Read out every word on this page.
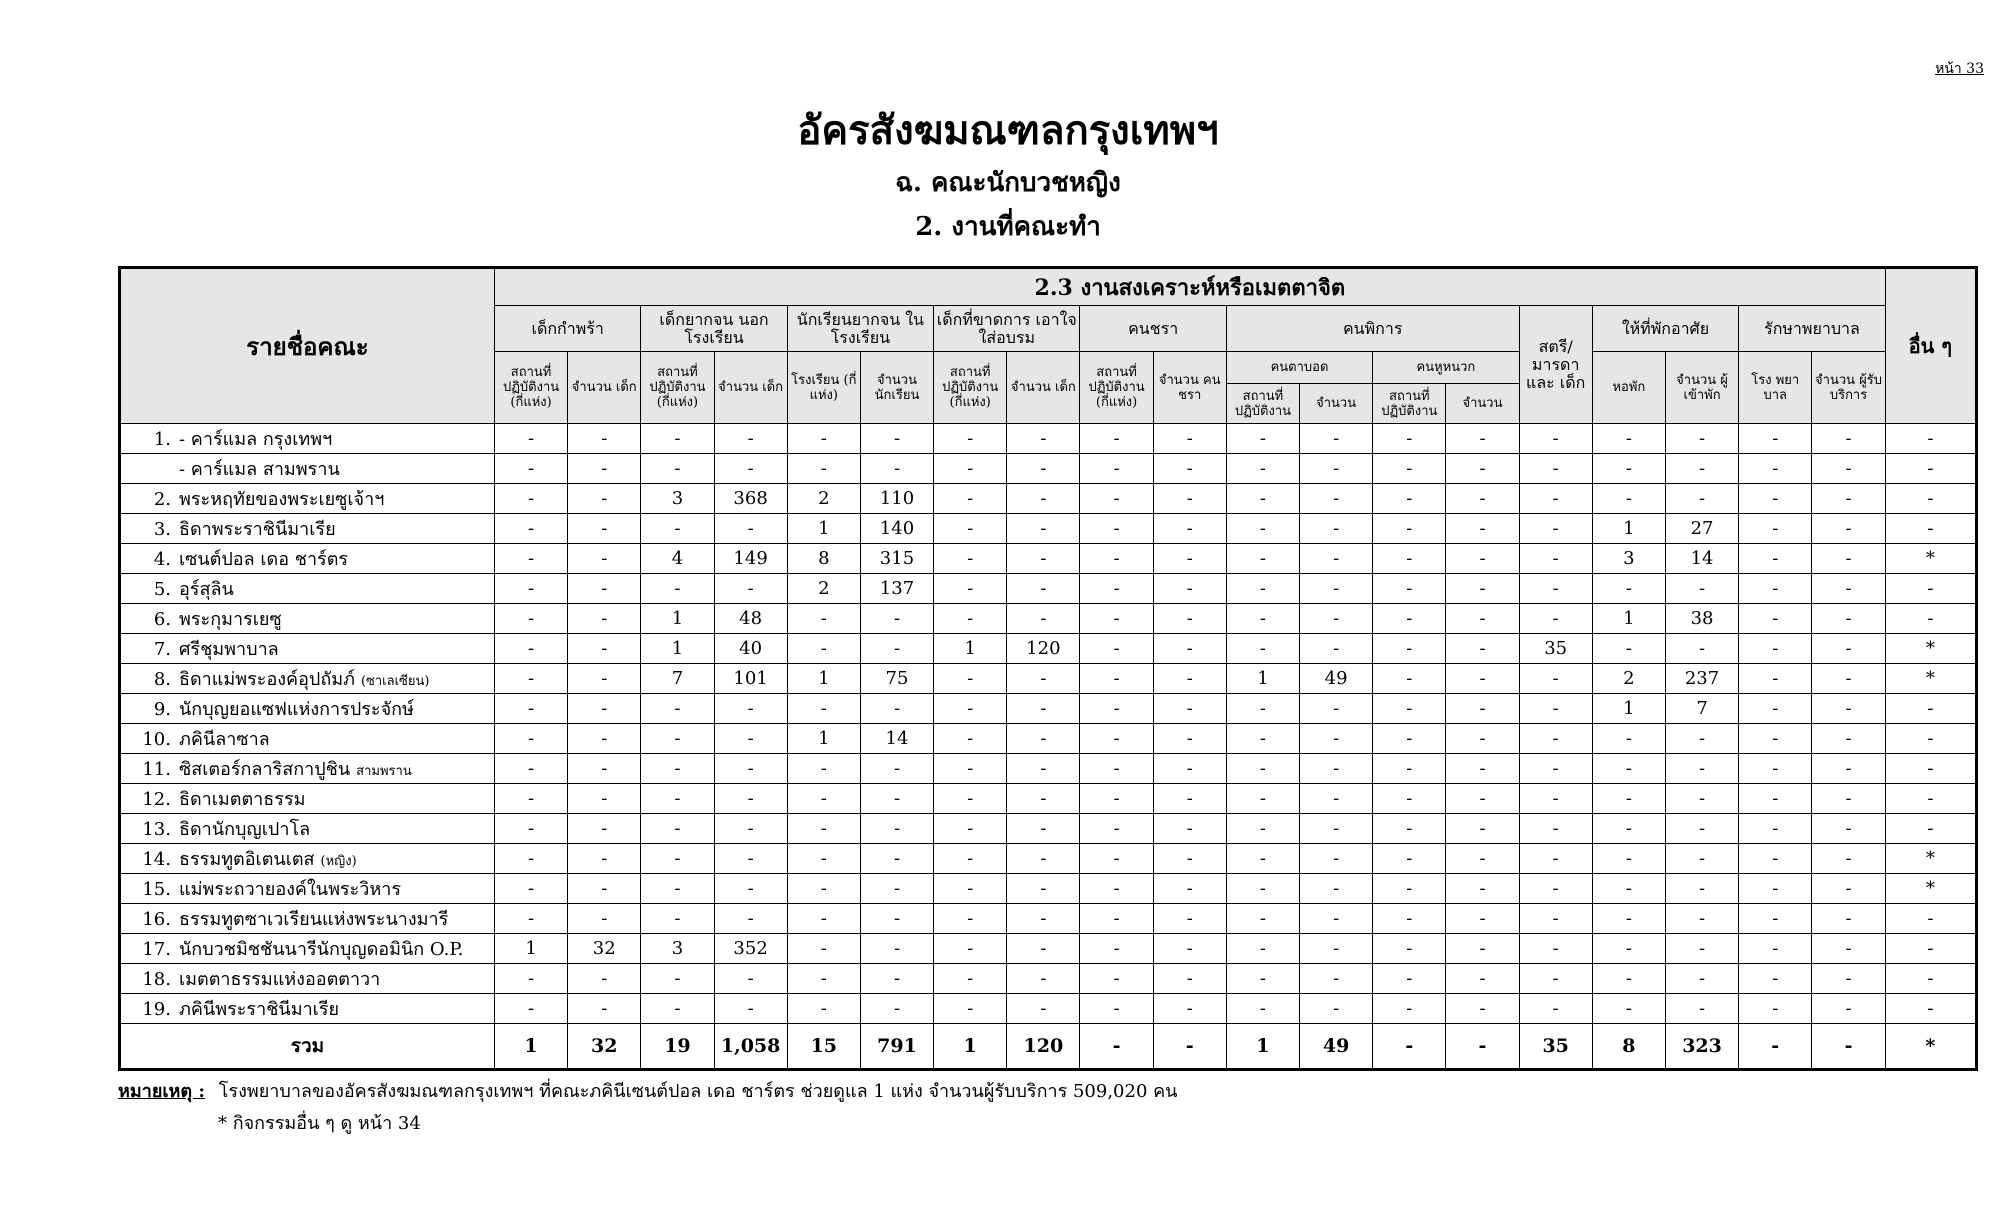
หน้า 33
อัครสังฆมณฑลกรุงเทพฯ
ฉ. คณะนักบวชหญิง
2. งานที่คณะทำ
รายชื่อคณะ	2.3 งานสงเคราะห์หรือเมตตาจิต																			อื่น ๆ
	เด็กกำพร้า		เด็กยากจน นอกโรงเรียน		นักเรียนยากจน ในโรงเรียน		เด็กที่ขาดการ เอาใจใส่อบรม		คนชรา		คนพิการ				สตรี/ มารดา และ เด็ก	ให้ที่พักอาศัย		รักษาพยาบาล		
	สถานที่ ปฏิบัติงาน (กี่แห่ง)	จำนวน เด็ก	สถานที่ ปฏิบัติงาน (กี่แห่ง)	จำนวน เด็ก	โรงเรียน (กี่แห่ง)	จำนวน นักเรียน	สถานที่ ปฏิบัติงาน (กี่แห่ง)	จำนวน เด็ก	สถานที่ ปฏิบัติงาน (กี่แห่ง)	จำนวน คนชรา	คนตาบอด		คนหูหนวก			หอพัก	จำนวน ผู้เข้าพัก	โรง พยา บาล	จำนวน ผู้รับบริการ	
											สถานที่ ปฏิบัติงาน	จำนวน	สถานที่ ปฏิบัติงาน	จำนวน						
1. - คาร์แมล กรุงเทพฯ	-	-	-	-	-	-	-	-	-	-	-	-	-	-	-	-	-	-	-	-
- คาร์แมล สามพราน	-	-	-	-	-	-	-	-	-	-	-	-	-	-	-	-	-	-	-	-
2. พระหฤทัยของพระเยซูเจ้าฯ	-	-	3	368	2	110	-	-	-	-	-	-	-	-	-	-	-	-	-	-
3. ธิดาพระราชินีมาเรีย	-	-	-	-	1	140	-	-	-	-	-	-	-	-	-	1	27	-	-	-
4. เซนต์ปอล เดอ ชาร์ตร	-	-	4	149	8	315	-	-	-	-	-	-	-	-	-	3	14	-	-	*
5. อุร์สุลิน	-	-	-	-	2	137	-	-	-	-	-	-	-	-	-	-	-	-	-	-
6. พระกุมารเยซู	-	-	1	48	-	-	-	-	-	-	-	-	-	-	-	1	38	-	-	-
7. ศรีชุมพาบาล	-	-	1	40	-	-	1	120	-	-	-	-	-	-	35	-	-	-	-	*
8. ธิดาแม่พระองค์อุปถัมภ์ (ซาเลเซียน)	-	-	7	101	1	75	-	-	-	-	1	49	-	-	-	2	237	-	-	*
9. นักบุญยอแซฟแห่งการประจักษ์	-	-	-	-	-	-	-	-	-	-	-	-	-	-	-	1	7	-	-	-
10. ภคินีลาซาล	-	-	-	-	1	14	-	-	-	-	-	-	-	-	-	-	-	-	-	-
11. ซิสเตอร์กลาริสกาปูชิน สามพราน	-	-	-	-	-	-	-	-	-	-	-	-	-	-	-	-	-	-	-	-
12. ธิดาเมตตาธรรม	-	-	-	-	-	-	-	-	-	-	-	-	-	-	-	-	-	-	-	-
13. ธิดานักบุญเปาโล	-	-	-	-	-	-	-	-	-	-	-	-	-	-	-	-	-	-	-	-
14. ธรรมทูตอิเตนเตส (หญิง)	-	-	-	-	-	-	-	-	-	-	-	-	-	-	-	-	-	-	-	*
15. แม่พระถวายองค์ในพระวิหาร	-	-	-	-	-	-	-	-	-	-	-	-	-	-	-	-	-	-	-	*
16. ธรรมทูตซาเวเรียนแห่งพระนางมารี	-	-	-	-	-	-	-	-	-	-	-	-	-	-	-	-	-	-	-	-
17. นักบวชมิชชันนารีนักบุญดอมินิก O.P.	1	32	3	352	-	-	-	-	-	-	-	-	-	-	-	-	-	-	-	-
18. เมตตาธรรมแห่งออตตาวา	-	-	-	-	-	-	-	-	-	-	-	-	-	-	-	-	-	-	-	-
19. ภคินีพระราชินีมาเรีย	-	-	-	-	-	-	-	-	-	-	-	-	-	-	-	-	-	-	-	-
รวม	1	32	19	1,058	15	791	1	120	-	-	1	49	-	-	35	8	323	-	-	*
หมายเหตุ : โรงพยาบาลของอัครสังฆมณฑลกรุงเทพฯ ที่คณะภคินีเซนต์ปอล เดอ ชาร์ตร ช่วยดูแล 1 แห่ง จำนวนผู้รับบริการ 509,020 คน
* กิจกรรมอื่น ๆ ดู หน้า 34
